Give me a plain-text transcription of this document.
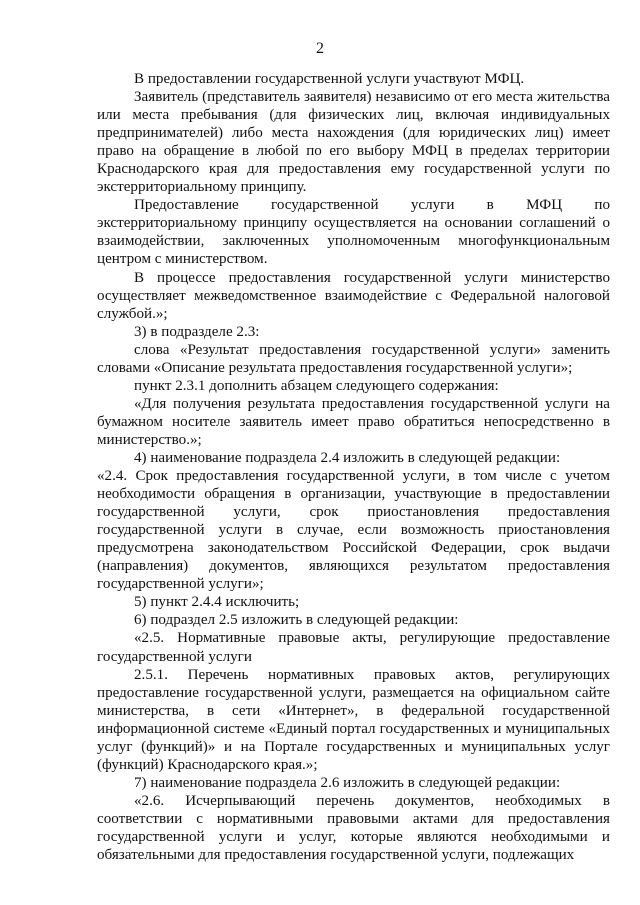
2

В предоставлении государственной услуги участвуют МФЦ.

Заявитель (представитель заявителя) независимо от его места жительства или места пребывания (для физических лиц, включая индивидуальных предпринимателей) либо места нахождения (для юридических лиц) имеет право на обращение в любой по его выбору МФЦ в пределах территории Краснодарского края для предоставления ему государственной услуги по экстерриториальному принципу.

Предоставление государственной услуги в МФЦ по экстерриториальному принципу осуществляется на основании соглашений о взаимодействии, заключенных уполномоченным многофункциональным центром с министерством.

В процессе предоставления государственной услуги министерство осуществляет межведомственное взаимодействие с Федеральной налоговой службой.»;

3) в подразделе 2.3:

слова «Результат предоставления государственной услуги» заменить словами «Описание результата предоставления государственной услуги»;

пункт 2.3.1 дополнить абзацем следующего содержания:

«Для получения результата предоставления государственной услуги на бумажном носителе заявитель имеет право обратиться непосредственно в министерство.»;

4) наименование подраздела 2.4 изложить в следующей редакции:

«2.4. Срок предоставления государственной услуги, в том числе с учетом необходимости обращения в организации, участвующие в предоставлении государственной услуги, срок приостановления предоставления государственной услуги в случае, если возможность приостановления предусмотрена законодательством Российской Федерации, срок выдачи (направления) документов, являющихся результатом предоставления государственной услуги»;

5) пункт 2.4.4 исключить;

6) подраздел 2.5 изложить в следующей редакции:

«2.5. Нормативные правовые акты, регулирующие предоставление государственной услуги

2.5.1. Перечень нормативных правовых актов, регулирующих предоставление государственной услуги, размещается на официальном сайте министерства, в сети «Интернет», в федеральной государственной информационной системе «Единый портал государственных и муниципальных услуг (функций)» и на Портале государственных и муниципальных услуг (функций) Краснодарского края.»;

7) наименование подраздела 2.6 изложить в следующей редакции:

«2.6. Исчерпывающий перечень документов, необходимых в соответствии с нормативными правовыми актами для предоставления государственной услуги и услуг, которые являются необходимыми и обязательными для предоставления государственной услуги, подлежащих
